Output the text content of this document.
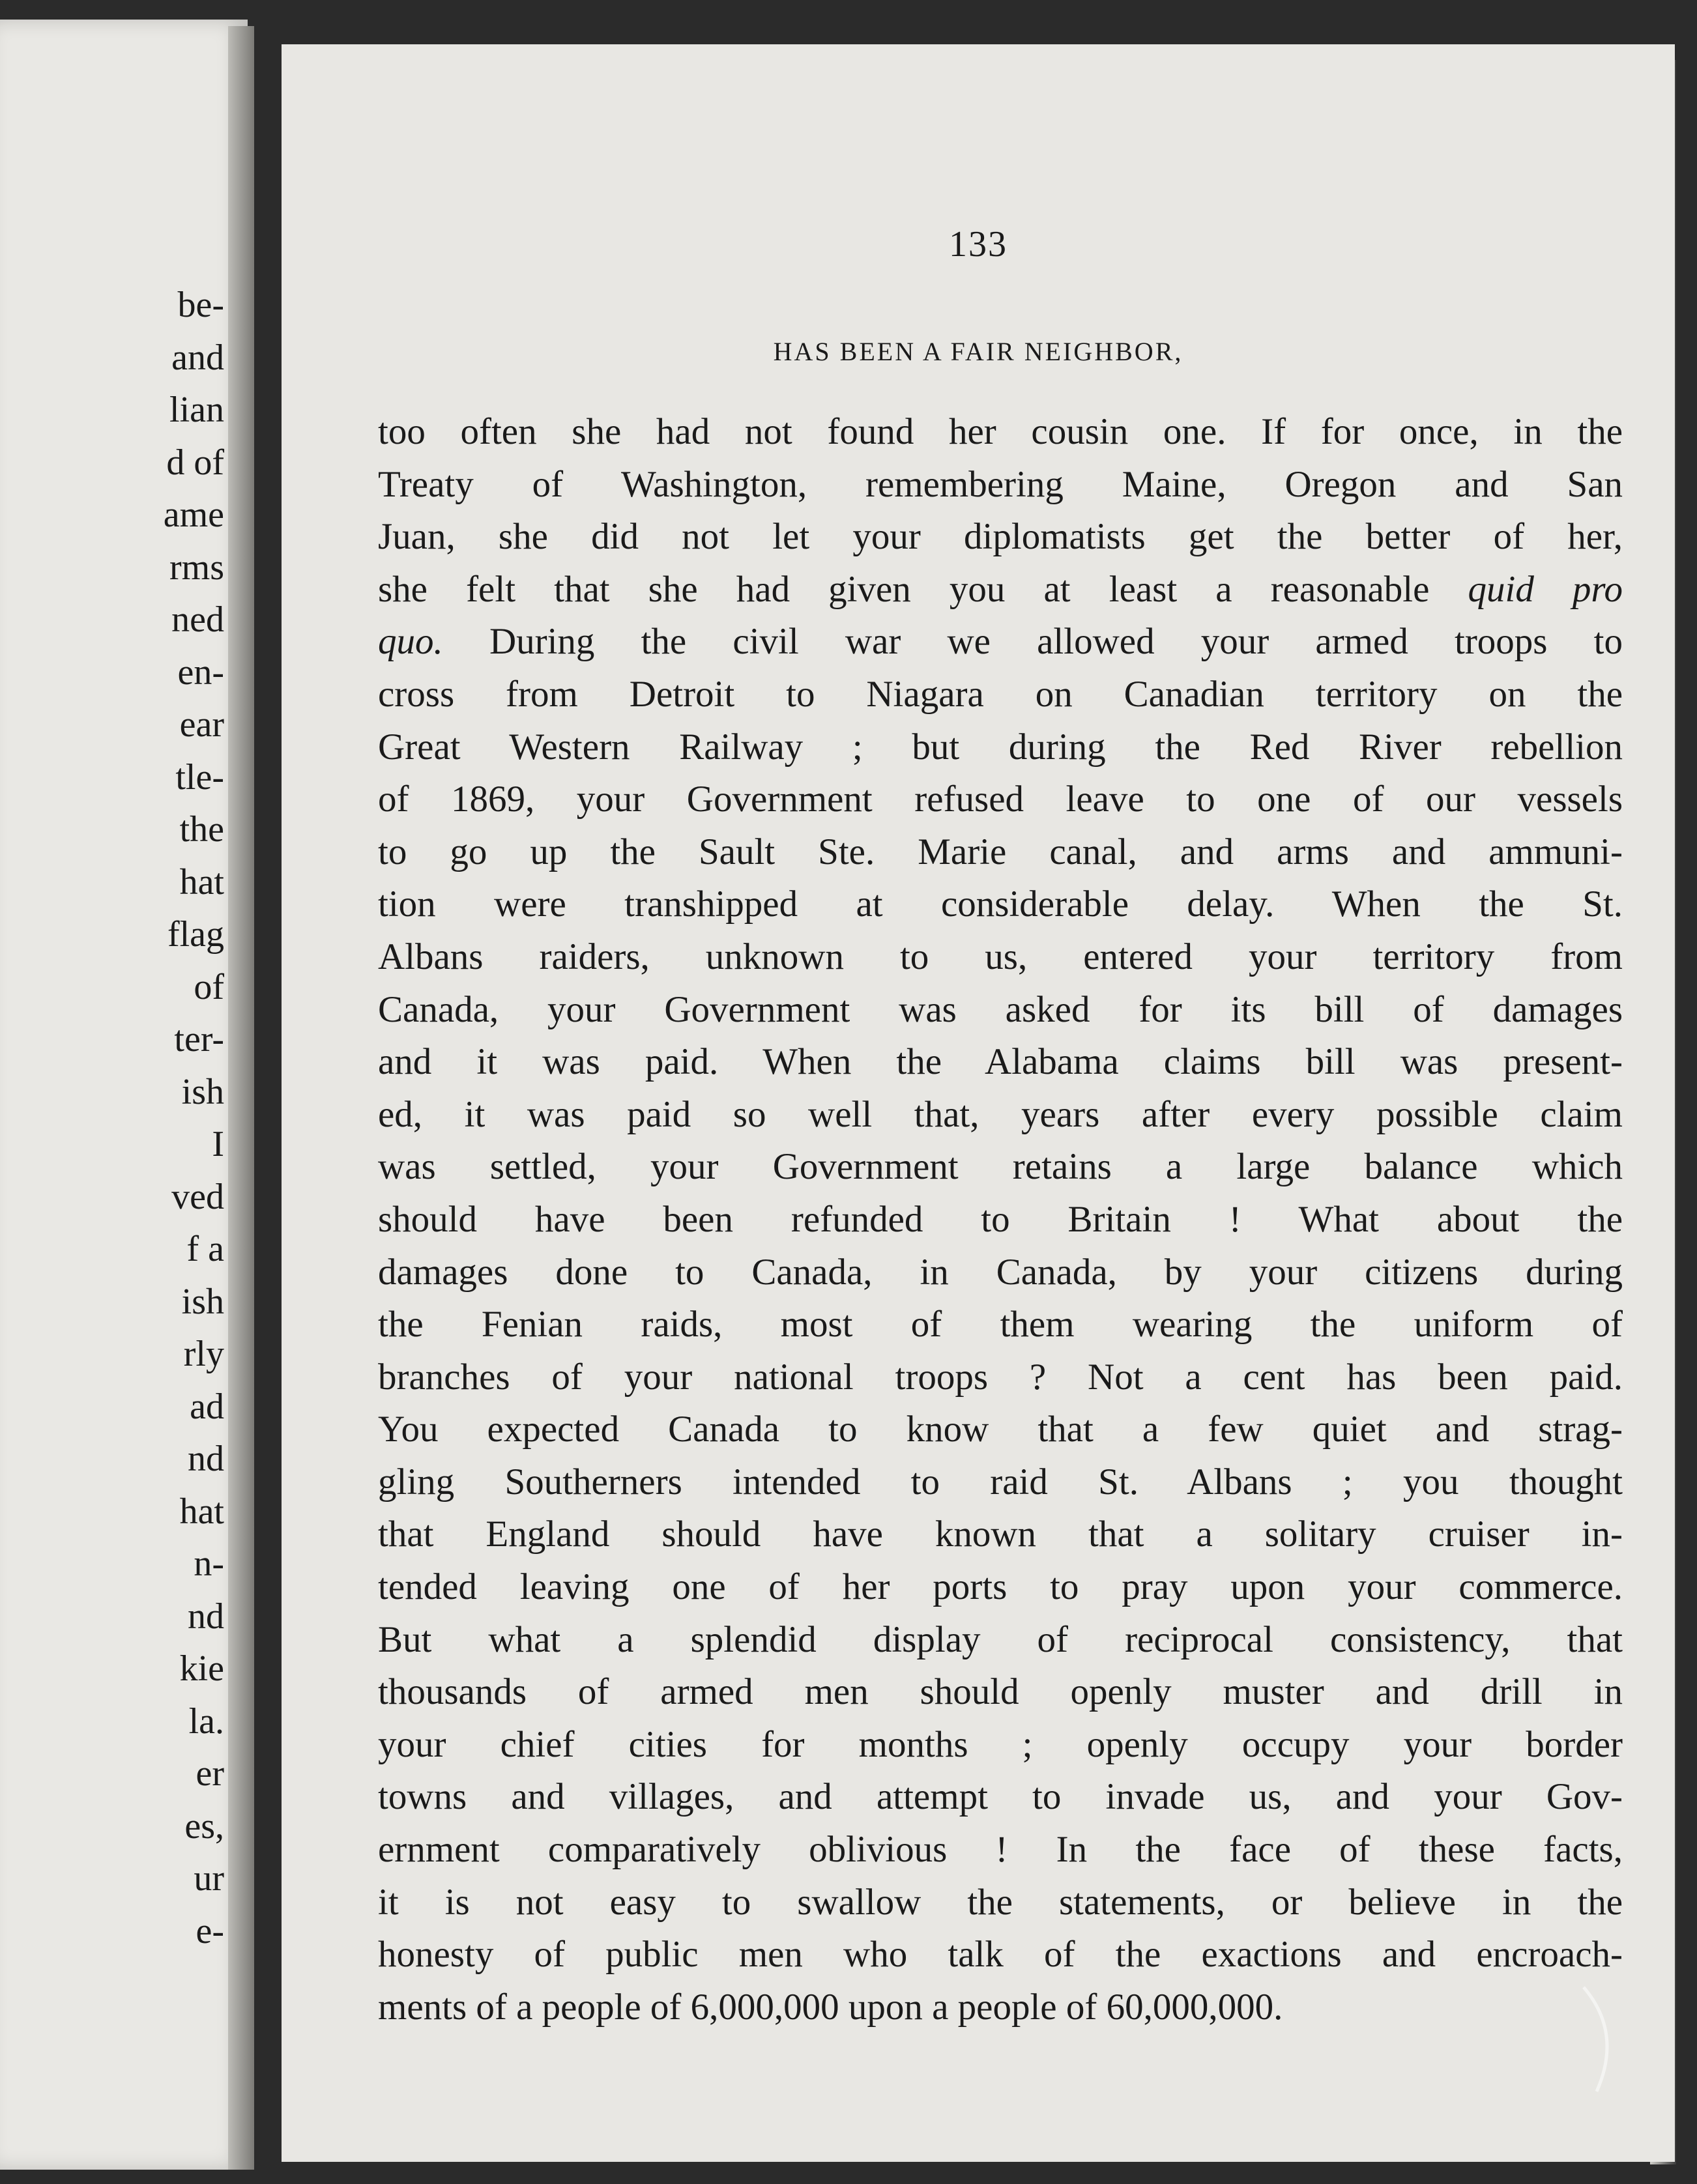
be-
and
lian
d of
ame
rms
ned
en-
ear
tle-
the
hat
flag
of
ter-
ish
I
ved
f a
ish
rly
ad
nd
hat
n-
nd
kie
la.
er
es,
ur
e-
133
HAS BEEN A FAIR NEIGHBOR,
too often she had not found her cousin one. If for once, in the
Treaty of Washington, remembering Maine, Oregon and San
Juan, she did not let your diplomatists get the better of her,
she felt that she had given you at least a reasonable quid pro
quo. During the civil war we allowed your armed troops to
cross from Detroit to Niagara on Canadian territory on the
Great Western Railway ; but during the Red River rebellion
of 1869, your Government refused leave to one of our vessels
to go up the Sault Ste. Marie canal, and arms and ammuni-
tion were transhipped at considerable delay. When the St.
Albans raiders, unknown to us, entered your territory from
Canada, your Government was asked for its bill of damages
and it was paid. When the Alabama claims bill was present-
ed, it was paid so well that, years after every possible claim
was settled, your Government retains a large balance which
should have been refunded to Britain ! What about the
damages done to Canada, in Canada, by your citizens during
the Fenian raids, most of them wearing the uniform of
branches of your national troops ? Not a cent has been paid.
You expected Canada to know that a few quiet and strag-
gling Southerners intended to raid St. Albans ; you thought
that England should have known that a solitary cruiser in-
tended leaving one of her ports to pray upon your commerce.
But what a splendid display of reciprocal consistency, that
thousands of armed men should openly muster and drill in
your chief cities for months ; openly occupy your border
towns and villages, and attempt to invade us, and your Gov-
ernment comparatively oblivious ! In the face of these facts,
it is not easy to swallow the statements, or believe in the
honesty of public men who talk of the exactions and encroach-
ments of a people of 6,000,000 upon a people of 60,000,000.
